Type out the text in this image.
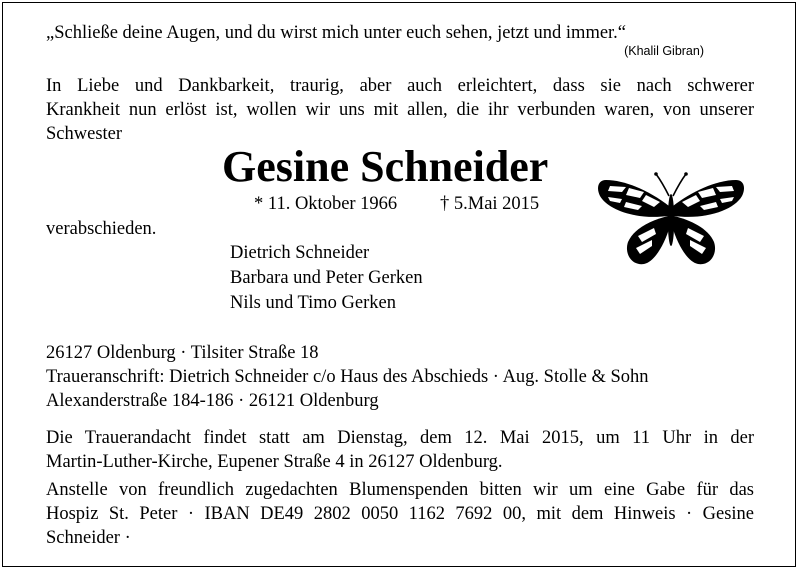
„Schließe deine Augen, und du wirst mich unter euch sehen, jetzt und immer.“
(Khalil Gibran)
In Liebe und Dankbarkeit, traurig, aber auch erleichtert, dass sie nach schwerer
Krankheit nun erlöst ist, wollen wir uns mit allen, die ihr verbunden waren, von unserer
Schwester
Gesine Schneider
* 11. Oktober 1966 † 5.Mai 2015
verabschieden.
Dietrich Schneider
Barbara und Peter Gerken
Nils und Timo Gerken
26127 Oldenburg · Tilsiter Straße 18
Traueranschrift: Dietrich Schneider c/o Haus des Abschieds · Aug. Stolle & Sohn
Alexanderstraße 184-186 · 26121 Oldenburg
Die Trauerandacht findet statt am Dienstag, dem 12. Mai 2015, um 11 Uhr in der
Martin-Luther-Kirche, Eupener Straße 4 in 26127 Oldenburg.
Anstelle von freundlich zugedachten Blumenspenden bitten wir um eine Gabe für das
Hospiz St. Peter · IBAN DE49 2802 0050 1162 7692 00, mit dem Hinweis · Gesine
Schneider ·
